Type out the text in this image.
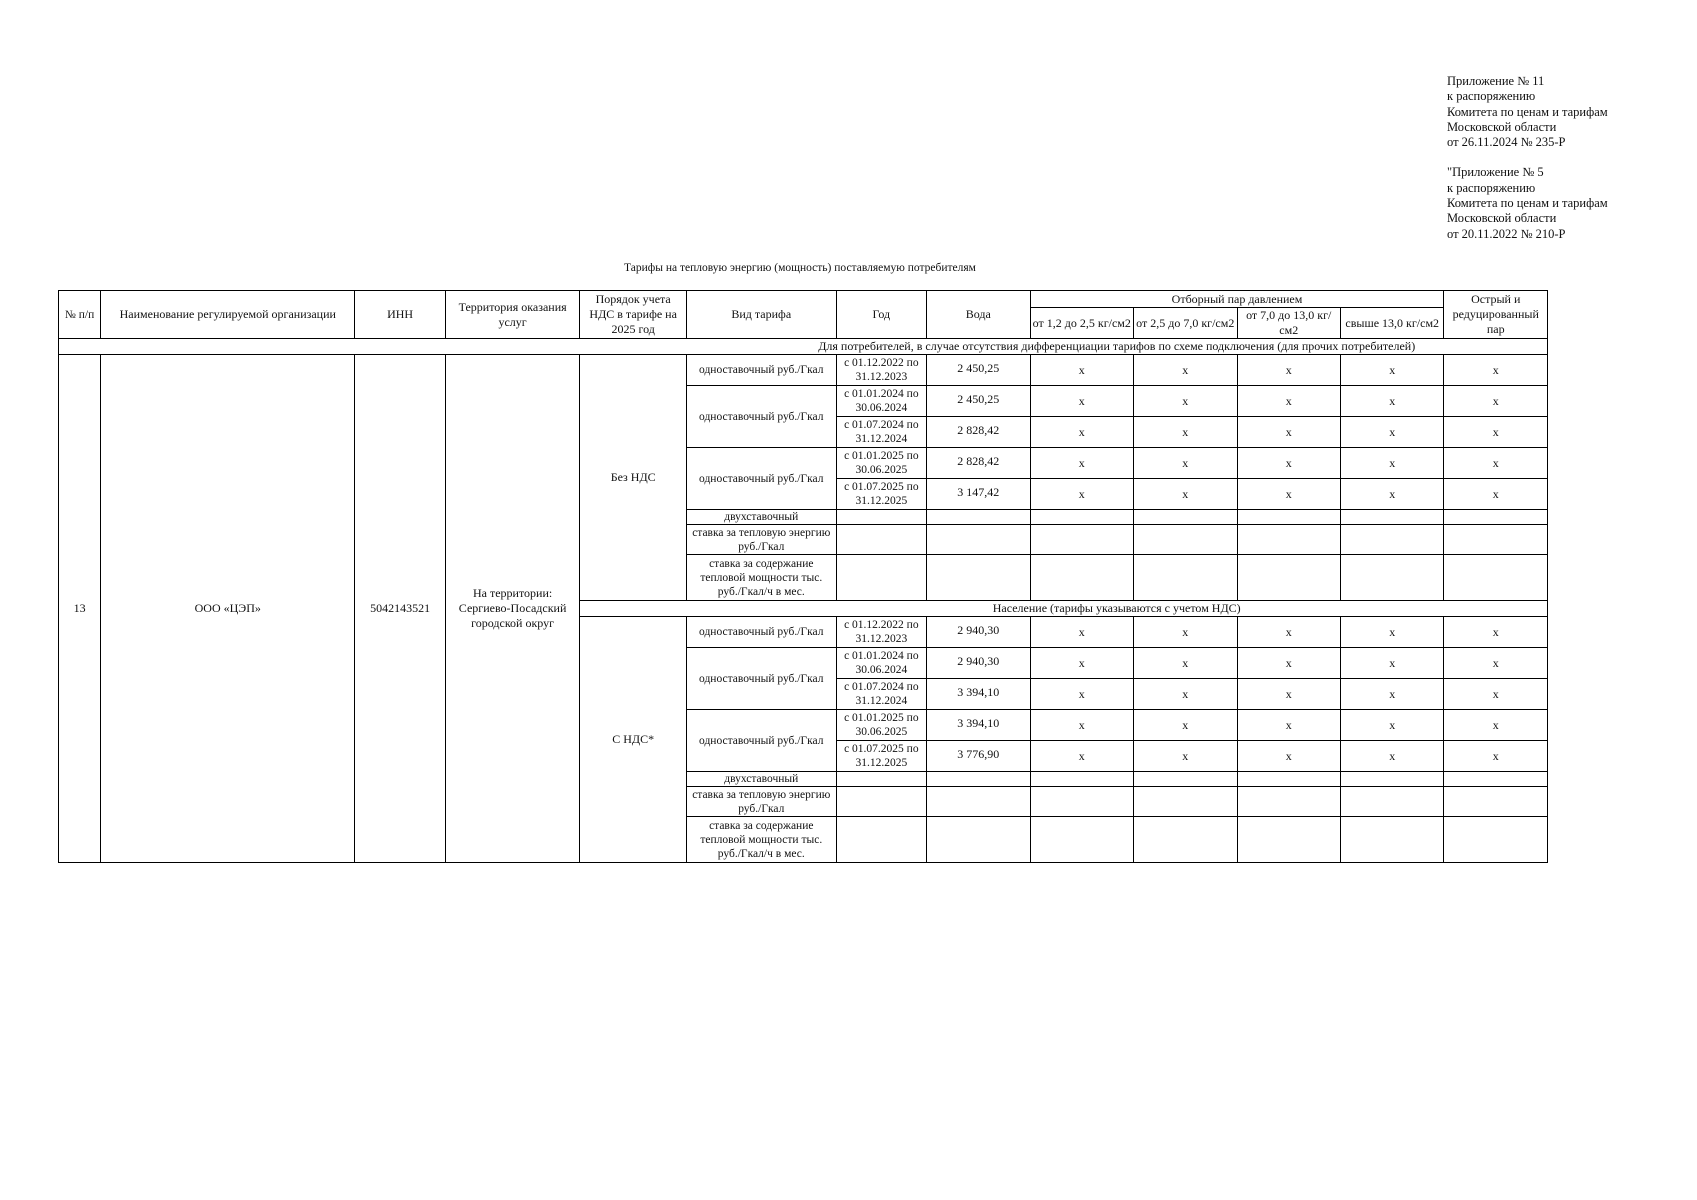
Приложение № 11
к распоряжению
Комитета по ценам и тарифам
Московской области
от 26.11.2024 № 235-Р
"Приложение № 5
к распоряжению
Комитета по ценам и тарифам
Московской области
от 20.11.2022 № 210-Р
Тарифы на тепловую энергию (мощность) поставляемую потребителям
№ п/п	Наименование регулируемой организации	ИНН	Территория оказания услуг	Порядок учета НДС в тарифе на 2025 год	Вид тарифа	Год	Вода	Отборный пар давлением				Острый и редуцированный пар
								от 1,2 до 2,5 кг/см2	от 2,5 до 7,0 кг/см2	от 7,0 до 13,0 кг/см2	свыше 13,0 кг/см2	
					Для потребителей, в случае отсутствия дифференциации тарифов по схеме подключения (для прочих потребителей)							
13	ООО «ЦЭП»	5042143521	На территории: Сергиево-Посадский городской округ	Без НДС	одноставочный руб./Гкал	с 01.12.2022 по 31.12.2023	2 450,25	х	х	х	х	х
					одноставочный руб./Гкал	с 01.01.2024 по 30.06.2024	2 450,25	х	х	х	х	х
						с 01.07.2024 по 31.12.2024	2 828,42	х	х	х	х	х
					одноставочный руб./Гкал	с 01.01.2025 по 30.06.2025	2 828,42	х	х	х	х	х
						с 01.07.2025 по 31.12.2025	3 147,42	х	х	х	х	х
					двухставочный							
					ставка за тепловую энергию руб./Гкал							
					ставка за содержание тепловой мощности тыс. руб./Гкал/ч в мес.							
					Население (тарифы указываются с учетом НДС)							
				С НДС*	одноставочный руб./Гкал	с 01.12.2022 по 31.12.2023	2 940,30	х	х	х	х	х
					одноставочный руб./Гкал	с 01.01.2024 по 30.06.2024	2 940,30	х	х	х	х	х
						с 01.07.2024 по 31.12.2024	3 394,10	х	х	х	х	х
					одноставочный руб./Гкал	с 01.01.2025 по 30.06.2025	3 394,10	х	х	х	х	х
						с 01.07.2025 по 31.12.2025	3 776,90	х	х	х	х	х
					двухставочный							
					ставка за тепловую энергию руб./Гкал							
					ставка за содержание тепловой мощности тыс. руб./Гкал/ч в мес.							
